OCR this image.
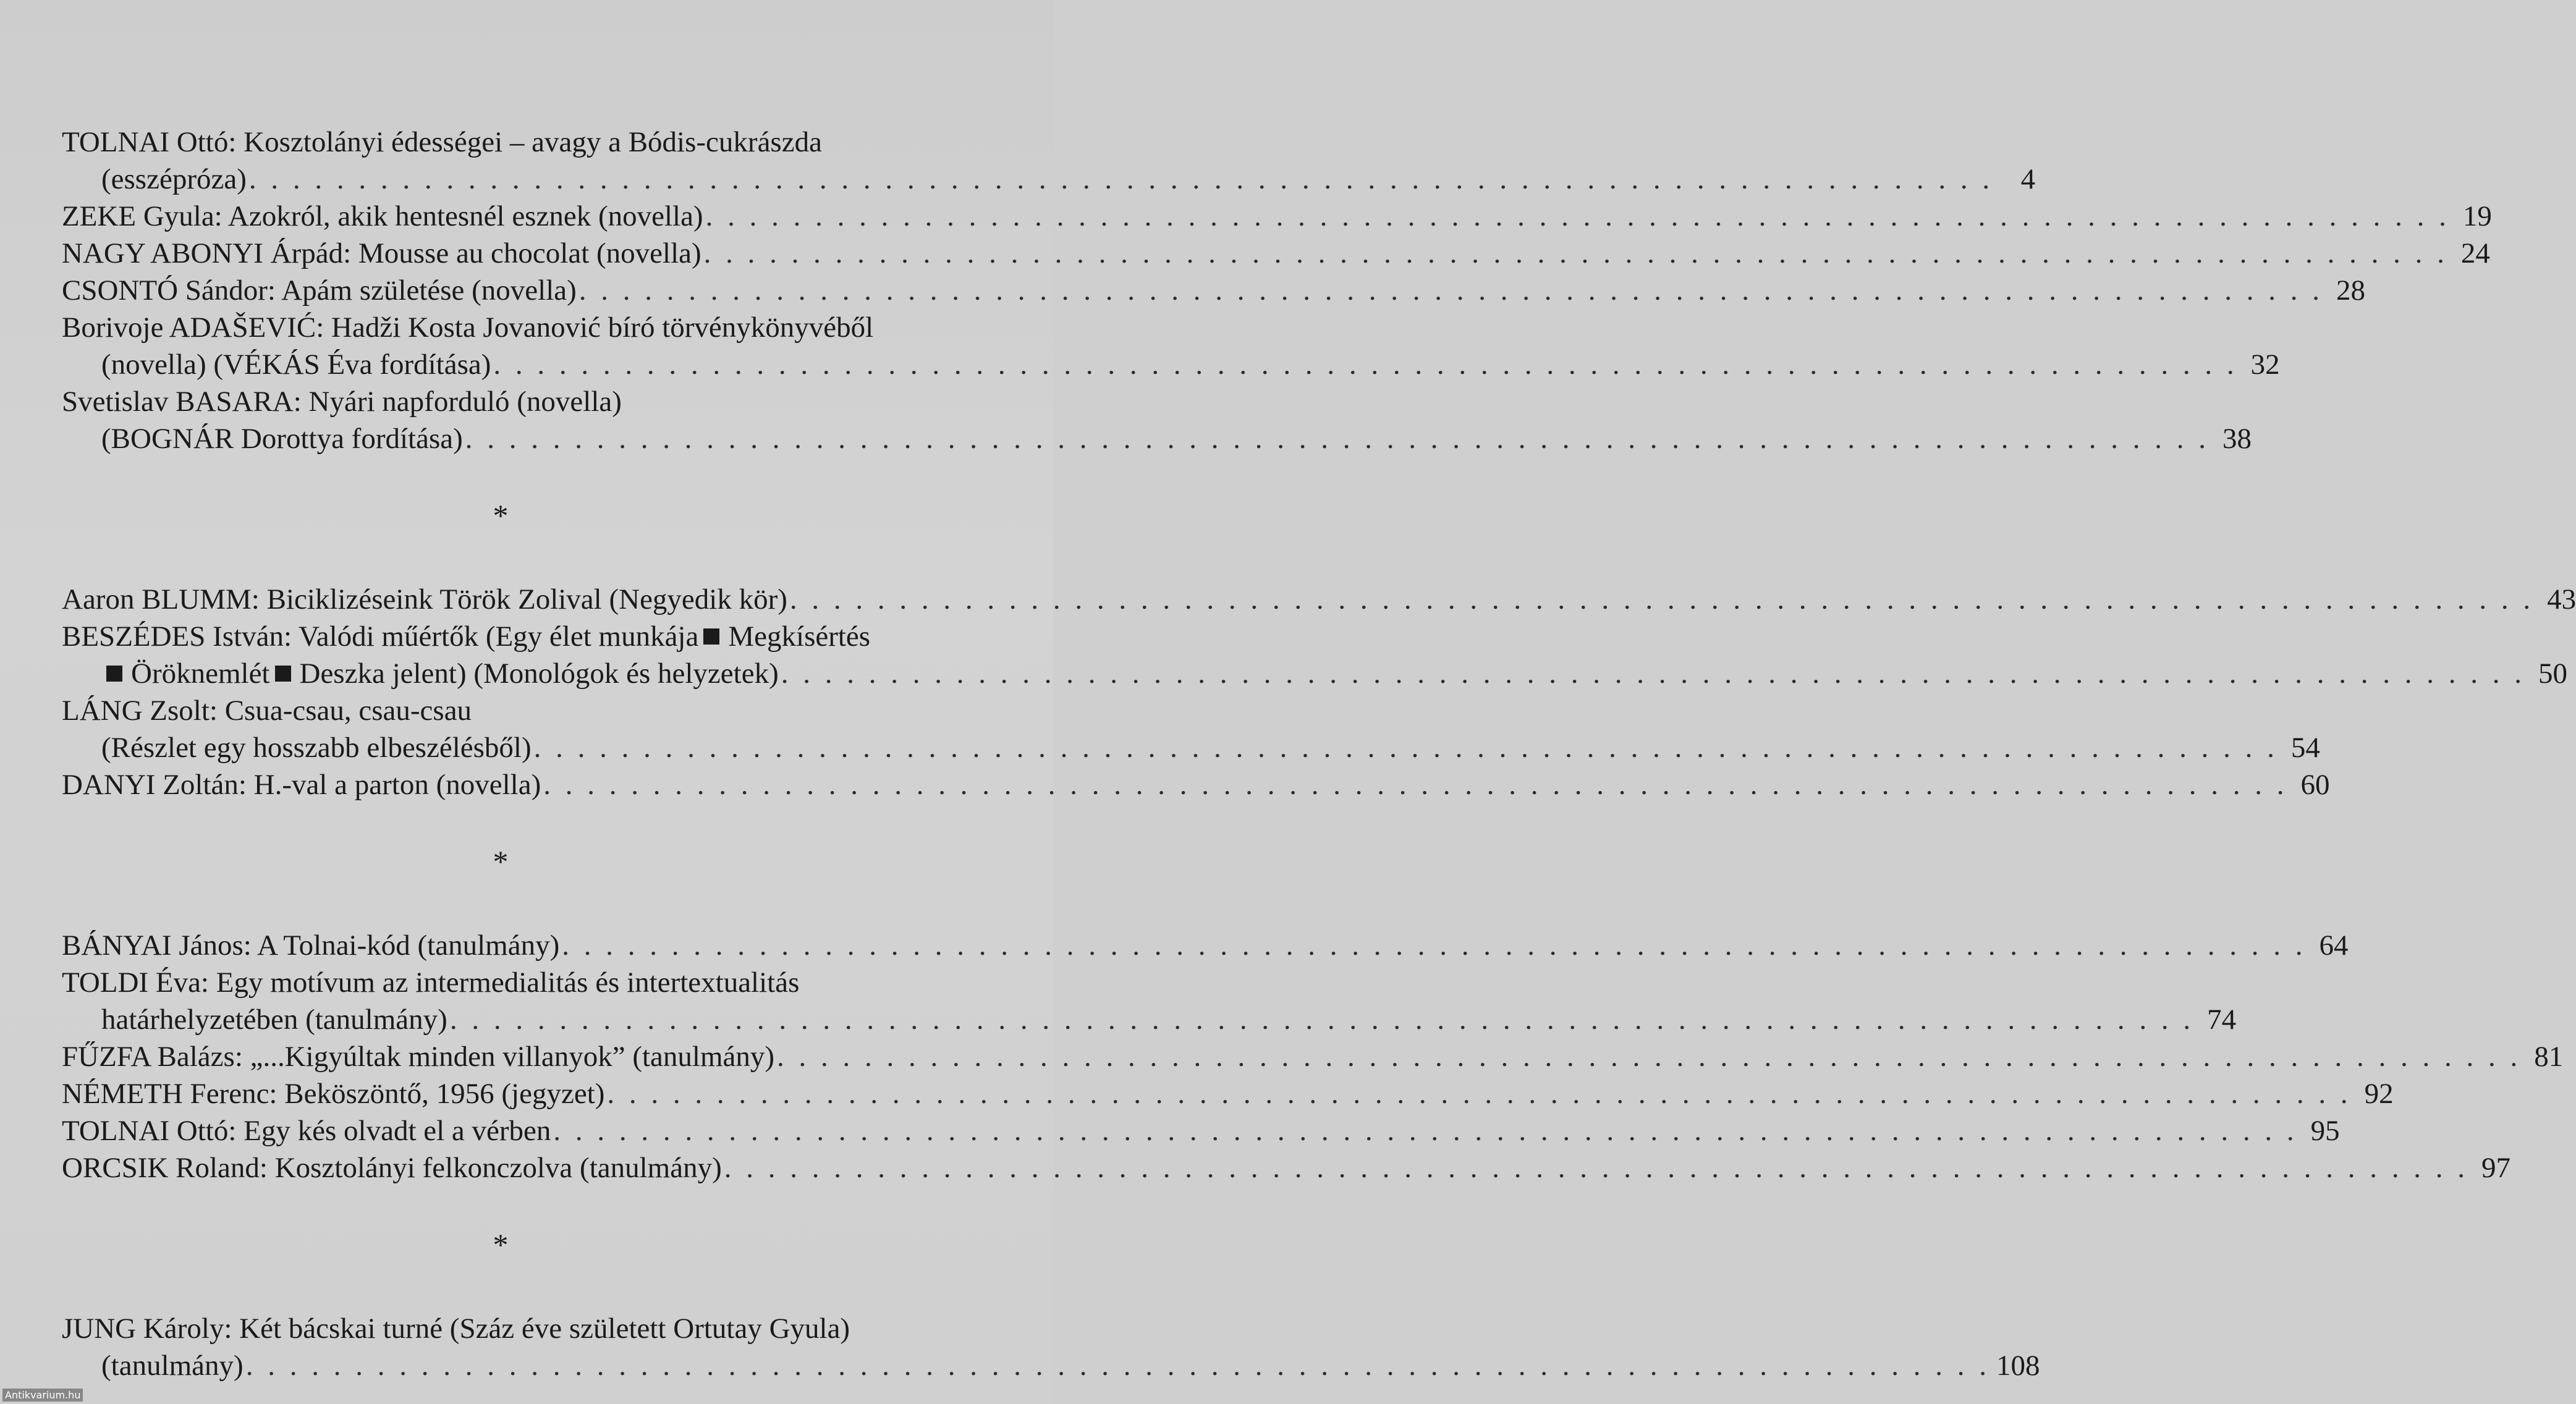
TOLNAI Ottó: Kosztolányi édességei – avagy a Bódis-cukrászda
(esszépróza) . . . . . . . . . . . . . . . . . . . . . . . . . . . . . . . . . . . . . . . . . . . . . . . . . . . . . . . . . . . . . . . . . . . . . . . . . . . . . . . . 4
ZEKE Gyula: Azokról, akik hentesnél esznek (novella) . . . . . . . . . . . . . . . . . . . . . . . . . . . . . . . . . . . . . . . . . . . . . . . . . . . . . . . . . . . . . . . . . . . . . . . . . . . . . . . . 19
NAGY ABONYI Árpád: Mousse au chocolat (novella) . . . . . . . . . . . . . . . . . . . . . . . . . . . . . . . . . . . . . . . . . . . . . . . . . . . . . . . . . . . . . . . . . . . . . . . . . . . . . . . . 24
CSONTÓ Sándor: Apám születése (novella) . . . . . . . . . . . . . . . . . . . . . . . . . . . . . . . . . . . . . . . . . . . . . . . . . . . . . . . . . . . . . . . . . . . . . . . . . . . . . . . . 28
Borivoje ADAŠEVIĆ: Hadži Kosta Jovanović bíró törvénykönyvéből
(novella) (VÉKÁS Éva fordítása) . . . . . . . . . . . . . . . . . . . . . . . . . . . . . . . . . . . . . . . . . . . . . . . . . . . . . . . . . . . . . . . . . . . . . . . . . . . . . . . . 32
Svetislav BASARA: Nyári napforduló (novella)
(BOGNÁR Dorottya fordítása) . . . . . . . . . . . . . . . . . . . . . . . . . . . . . . . . . . . . . . . . . . . . . . . . . . . . . . . . . . . . . . . . . . . . . . . . . . . . . . . . 38
*
Aaron BLUMM: Biciklizéseink Török Zolival (Negyedik kör) . . . . . . . . . . . . . . . . . . . . . . . . . . . . . . . . . . . . . . . . . . . . . . . . . . . . . . . . . . . . . . . . . . . . . . . . . . . . . . . . 43
BESZÉDES István: Valódi műértők (Egy élet munkája Megkísértés
Öröknemlét Deszka jelent) (Monológok és helyzetek) . . . . . . . . . . . . . . . . . . . . . . . . . . . . . . . . . . . . . . . . . . . . . . . . . . . . . . . . . . . . . . . . . . . . . . . . . . . . . . . . 50
LÁNG Zsolt: Csua-csau, csau-csau
(Részlet egy hosszabb elbeszélésből) . . . . . . . . . . . . . . . . . . . . . . . . . . . . . . . . . . . . . . . . . . . . . . . . . . . . . . . . . . . . . . . . . . . . . . . . . . . . . . . . 54
DANYI Zoltán: H.-val a parton (novella) . . . . . . . . . . . . . . . . . . . . . . . . . . . . . . . . . . . . . . . . . . . . . . . . . . . . . . . . . . . . . . . . . . . . . . . . . . . . . . . . 60
*
BÁNYAI János: A Tolnai-kód (tanulmány) . . . . . . . . . . . . . . . . . . . . . . . . . . . . . . . . . . . . . . . . . . . . . . . . . . . . . . . . . . . . . . . . . . . . . . . . . . . . . . . . 64
TOLDI Éva: Egy motívum az intermedialitás és intertextualitás
határhelyzetében (tanulmány) . . . . . . . . . . . . . . . . . . . . . . . . . . . . . . . . . . . . . . . . . . . . . . . . . . . . . . . . . . . . . . . . . . . . . . . . . . . . . . . . 74
FŰZFA Balázs: „...Kigyúltak minden villanyok” (tanulmány) . . . . . . . . . . . . . . . . . . . . . . . . . . . . . . . . . . . . . . . . . . . . . . . . . . . . . . . . . . . . . . . . . . . . . . . . . . . . . . . . 81
NÉMETH Ferenc: Beköszöntő, 1956 (jegyzet) . . . . . . . . . . . . . . . . . . . . . . . . . . . . . . . . . . . . . . . . . . . . . . . . . . . . . . . . . . . . . . . . . . . . . . . . . . . . . . . . 92
TOLNAI Ottó: Egy kés olvadt el a vérben . . . . . . . . . . . . . . . . . . . . . . . . . . . . . . . . . . . . . . . . . . . . . . . . . . . . . . . . . . . . . . . . . . . . . . . . . . . . . . . . 95
ORCSIK Roland: Kosztolányi felkonczolva (tanulmány) . . . . . . . . . . . . . . . . . . . . . . . . . . . . . . . . . . . . . . . . . . . . . . . . . . . . . . . . . . . . . . . . . . . . . . . . . . . . . . . . 97
*
JUNG Károly: Két bácskai turné (Száz éve született Ortutay Gyula)
(tanulmány) . . . . . . . . . . . . . . . . . . . . . . . . . . . . . . . . . . . . . . . . . . . . . . . . . . . . . . . . . . . . . . . . . . . . . . . . . . . . . . . . 108
Antikvarium.hu
